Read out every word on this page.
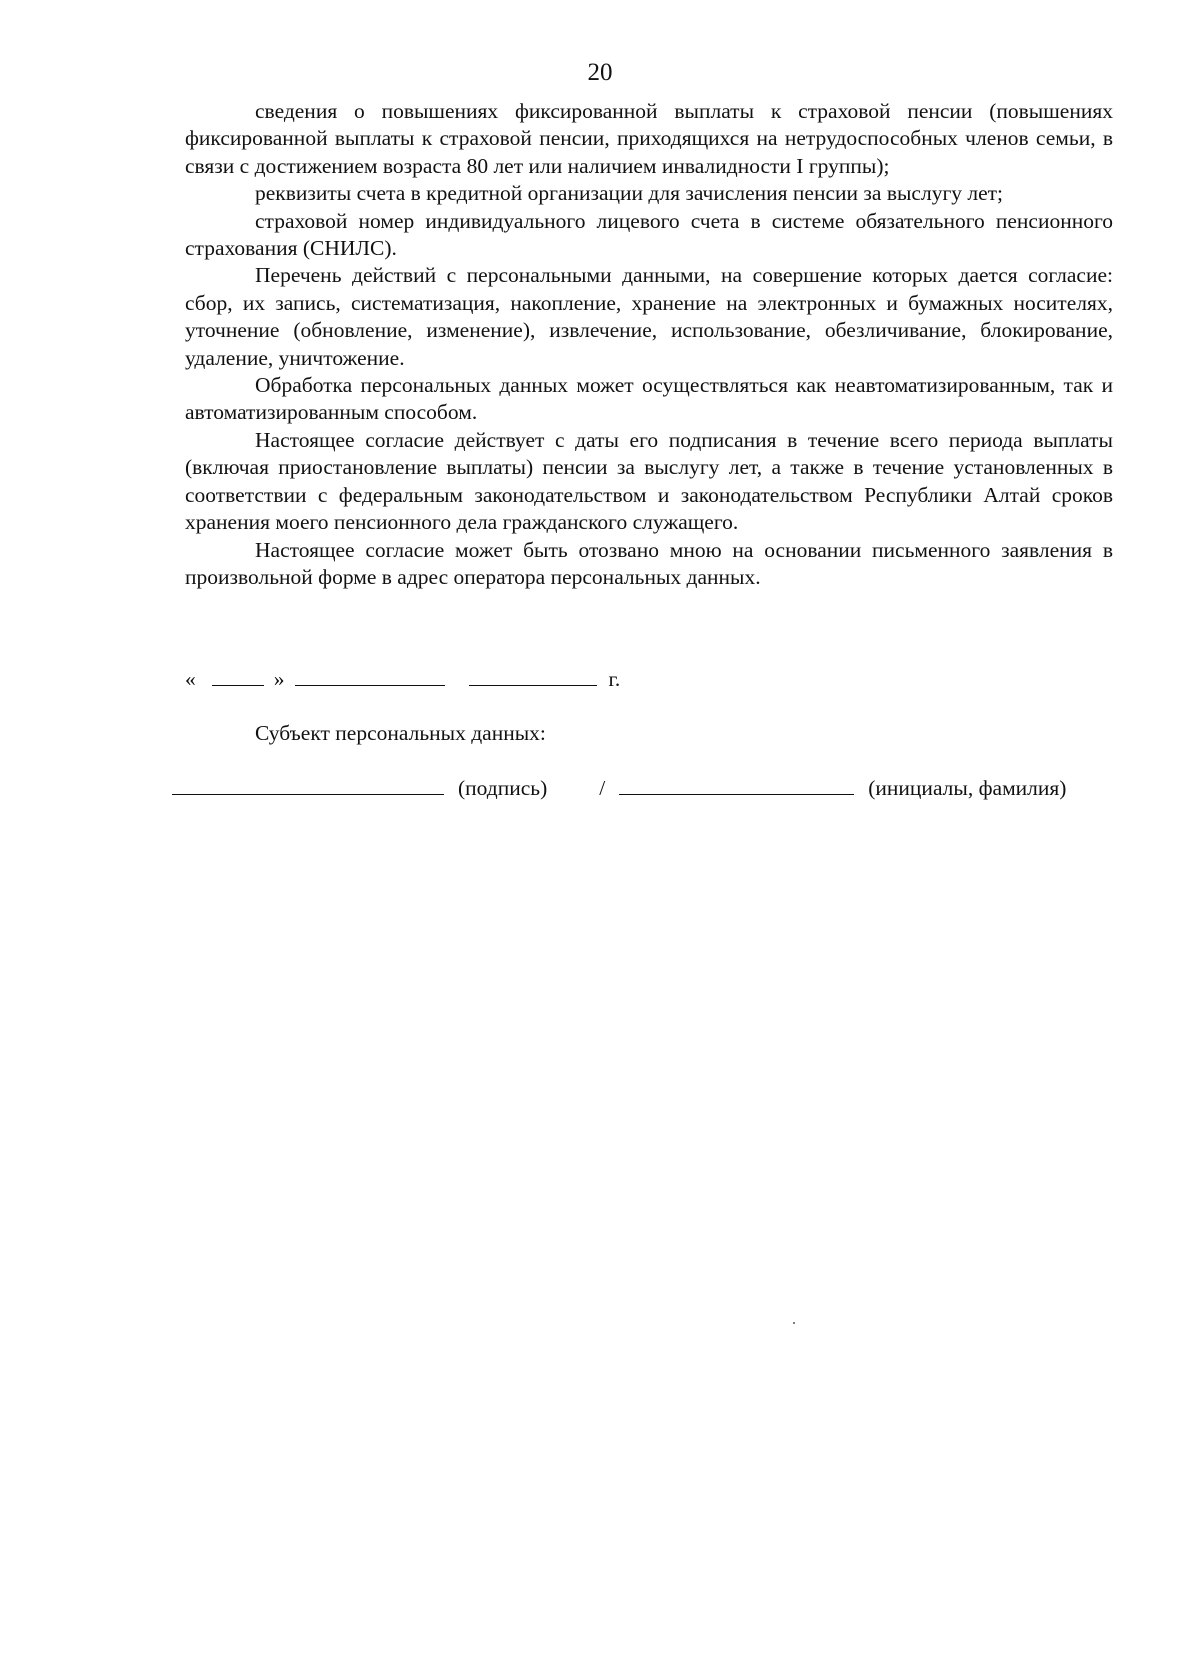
20

сведения о повышениях фиксированной выплаты к страховой пенсии (повышениях фиксированной выплаты к страховой пенсии, приходящихся на нетрудоспособных членов семьи, в связи с достижением возраста 80 лет или наличием инвалидности I группы);

реквизиты счета в кредитной организации для зачисления пенсии за выслугу лет;

страховой номер индивидуального лицевого счета в системе обязательного пенсионного страхования (СНИЛС).

Перечень действий с персональными данными, на совершение которых дается согласие: сбор, их запись, систематизация, накопление, хранение на электронных и бумажных носителях, уточнение (обновление, изменение), извлечение, использование, обезличивание, блокирование, удаление, уничтожение.

Обработка персональных данных может осуществляться как неавтоматизированным, так и автоматизированным способом.

Настоящее согласие действует с даты его подписания в течение всего периода выплаты (включая приостановление выплаты) пенсии за выслугу лет, а также в течение установленных в соответствии с федеральным законодательством и законодательством Республики Алтай сроков хранения моего пенсионного дела гражданского служащего.

Настоящее согласие может быть отозвано мною на основании письменного заявления в произвольной форме в адрес оператора персональных данных.

«	»	г.
Субъект персональных данных:
(подпись) /	(инициалы, фамилия)
